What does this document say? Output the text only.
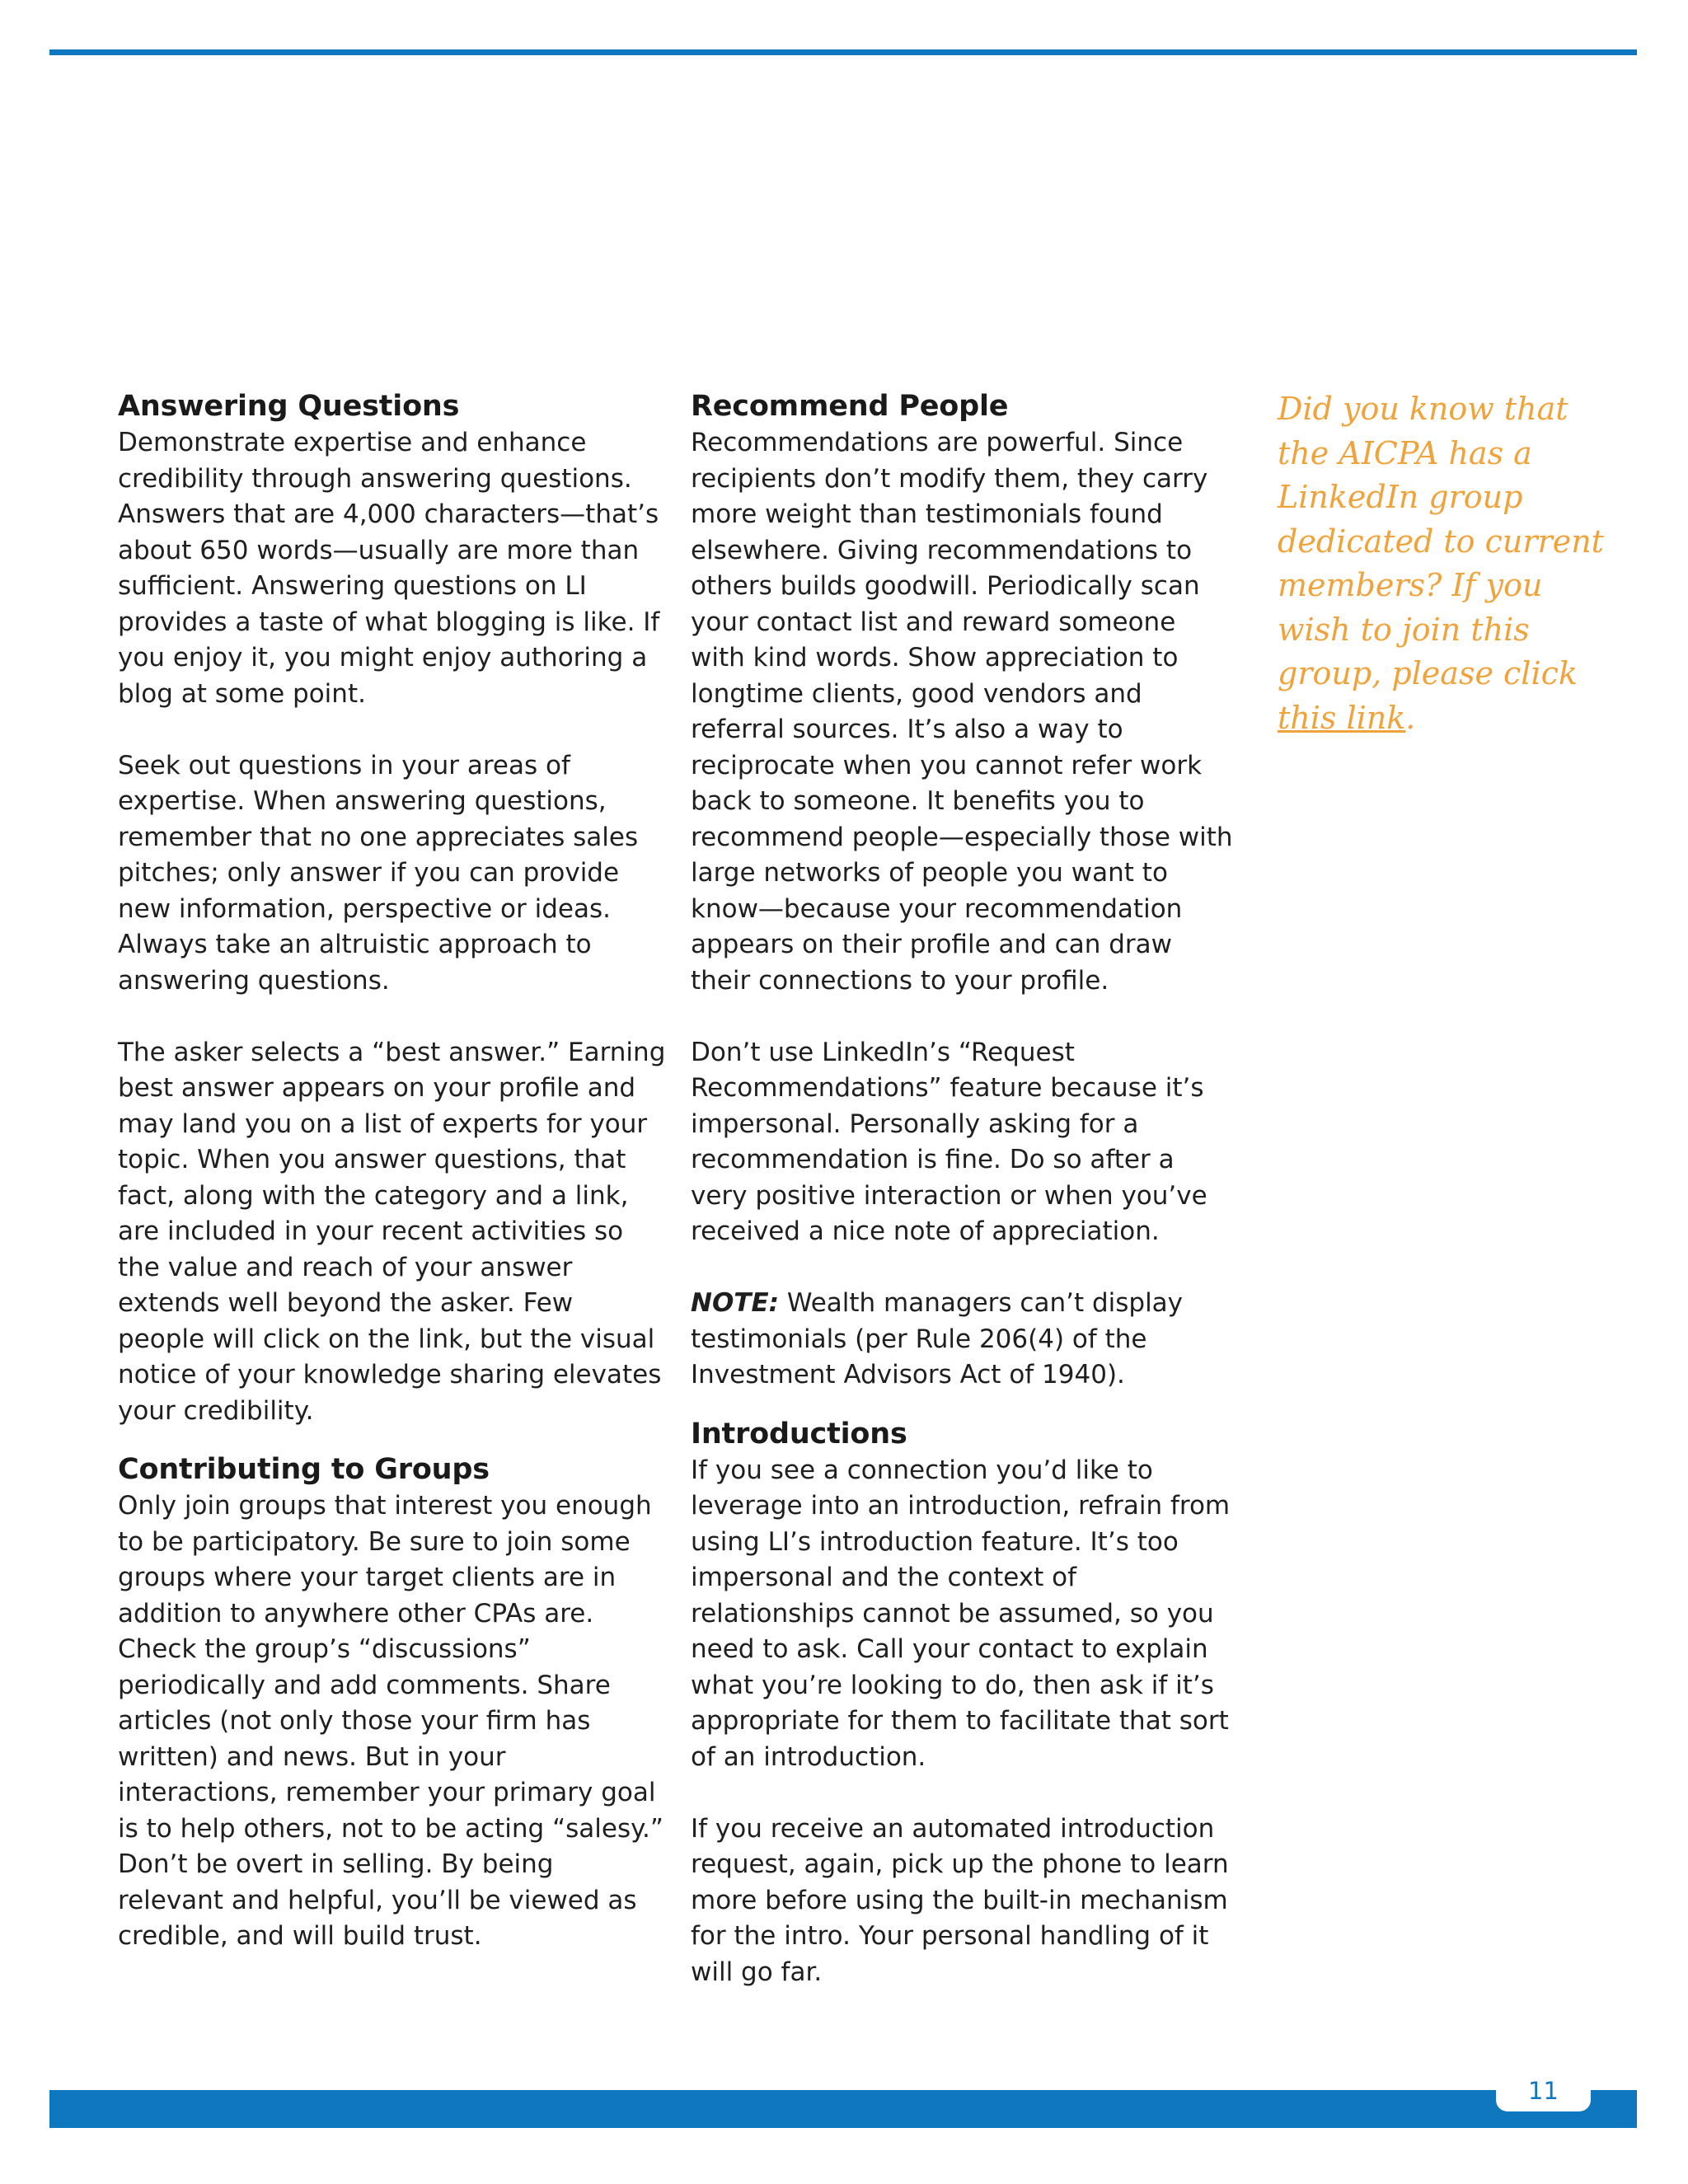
Answering Questions

Demonstrate expertise and enhance credibility through answering questions. Answers that are 4,000 characters—that’s about 650 words—usually are more than sufficient. Answering questions on LI provides a taste of what blogging is like. If you enjoy it, you might enjoy authoring a blog at some point.

Seek out questions in your areas of expertise. When answering questions, remember that no one appreciates sales pitches; only answer if you can provide new information, perspective or ideas. Always take an altruistic approach to answering questions.

The asker selects a “best answer.” Earning best answer appears on your profile and may land you on a list of experts for your topic. When you answer questions, that fact, along with the category and a link, are included in your recent activities so the value and reach of your answer extends well beyond the asker. Few people will click on the link, but the visual notice of your knowledge sharing elevates your credibility.

Contributing to Groups

Only join groups that interest you enough to be participatory. Be sure to join some groups where your target clients are in addition to anywhere other CPAs are. Check the group’s “discussions” periodically and add comments. Share articles (not only those your firm has written) and news. But in your interactions, remember your primary goal is to help others, not to be acting “salesy.” Don’t be overt in selling. By being relevant and helpful, you’ll be viewed as credible, and will build trust.

Recommend People

Recommendations are powerful. Since recipients don’t modify them, they carry more weight than testimonials found elsewhere. Giving recommendations to others builds goodwill. Periodically scan your contact list and reward someone with kind words. Show appreciation to longtime clients, good vendors and referral sources. It’s also a way to reciprocate when you cannot refer work back to someone. It benefits you to recommend people—especially those with large networks of people you want to know—because your recommendation appears on their profile and can draw their connections to your profile.

Don’t use LinkedIn’s “Request Recommendations” feature because it’s impersonal. Personally asking for a recommendation is fine. Do so after a very positive interaction or when you’ve received a nice note of appreciation.

NOTE: Wealth managers can’t display testimonials (per Rule 206(4) of the Investment Advisors Act of 1940).

Introductions

If you see a connection you’d like to leverage into an introduction, refrain from using LI’s introduction feature. It’s too impersonal and the context of relationships cannot be assumed, so you need to ask. Call your contact to explain what you’re looking to do, then ask if it’s appropriate for them to facilitate that sort of an introduction.

If you receive an automated introduction request, again, pick up the phone to learn more before using the built-in mechanism for the intro. Your personal handling of it will go far.

Did you know that the AICPA has a LinkedIn group dedicated to current members? If you wish to join this group, please click this link.
11
